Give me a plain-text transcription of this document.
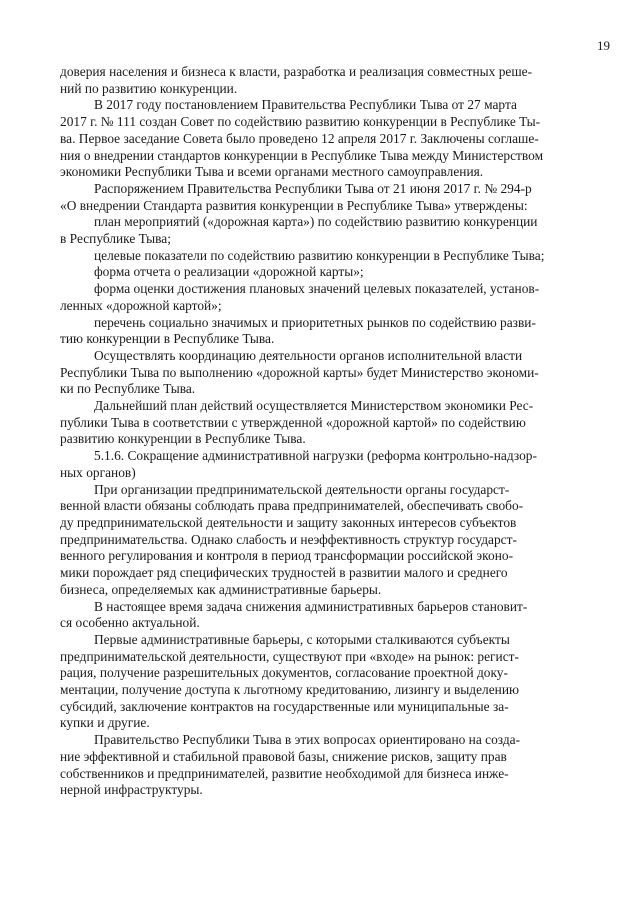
19

доверия населения и бизнеса к власти, разработка и реализация совместных реше-
ний по развитию конкуренции.

В 2017 году постановлением Правительства Республики Тыва от 27 марта
2017 г. № 111 создан Совет по содействию развитию конкуренции в Республике Ты-
ва. Первое заседание Совета было проведено 12 апреля 2017 г. Заключены соглаше-
ния о внедрении стандартов конкуренции в Республике Тыва между Министерством
экономики Республики Тыва и всеми органами местного самоуправления.

Распоряжением Правительства Республики Тыва от 21 июня 2017 г. № 294-р
«О внедрении Стандарта развития конкуренции в Республике Тыва» утверждены:

план мероприятий («дорожная карта») по содействию развитию конкуренции
в Республике Тыва;

целевые показатели по содействию развитию конкуренции в Республике Тыва;

форма отчета о реализации «дорожной карты»;

форма оценки достижения плановых значений целевых показателей, установ-
ленных «дорожной картой»;

перечень социально значимых и приоритетных рынков по содействию разви-
тию конкуренции в Республике Тыва.

Осуществлять координацию деятельности органов исполнительной власти
Республики Тыва по выполнению «дорожной карты» будет Министерство экономи-
ки по Республике Тыва.

Дальнейший план действий осуществляется Министерством экономики Рес-
публики Тыва в соответствии с утвержденной «дорожной картой» по содействию
развитию конкуренции в Республике Тыва.

5.1.6. Сокращение административной нагрузки (реформа контрольно-надзор-
ных органов)

При организации предпринимательской деятельности органы государст-
венной власти обязаны соблюдать права предпринимателей, обеспечивать свобо-
ду предпринимательской деятельности и защиту законных интересов субъектов
предпринимательства. Однако слабость и неэффективность структур государст-
венного регулирования и контроля в период трансформации российской эконо-
мики порождает ряд специфических трудностей в развитии малого и среднего
бизнеса, определяемых как административные барьеры.

В настоящее время задача снижения административных барьеров становит-
ся особенно актуальной.

Первые административные барьеры, с которыми сталкиваются субъекты
предпринимательской деятельности, существуют при «входе» на рынок: регист-
рация, получение разрешительных документов, согласование проектной доку-
ментации, получение доступа к льготному кредитованию, лизингу и выделению
субсидий, заключение контрактов на государственные или муниципальные за-
купки и другие.

Правительство Республики Тыва в этих вопросах ориентировано на созда-
ние эффективной и стабильной правовой базы, снижение рисков, защиту прав
собственников и предпринимателей, развитие необходимой для бизнеса инже-
нерной инфраструктуры.
